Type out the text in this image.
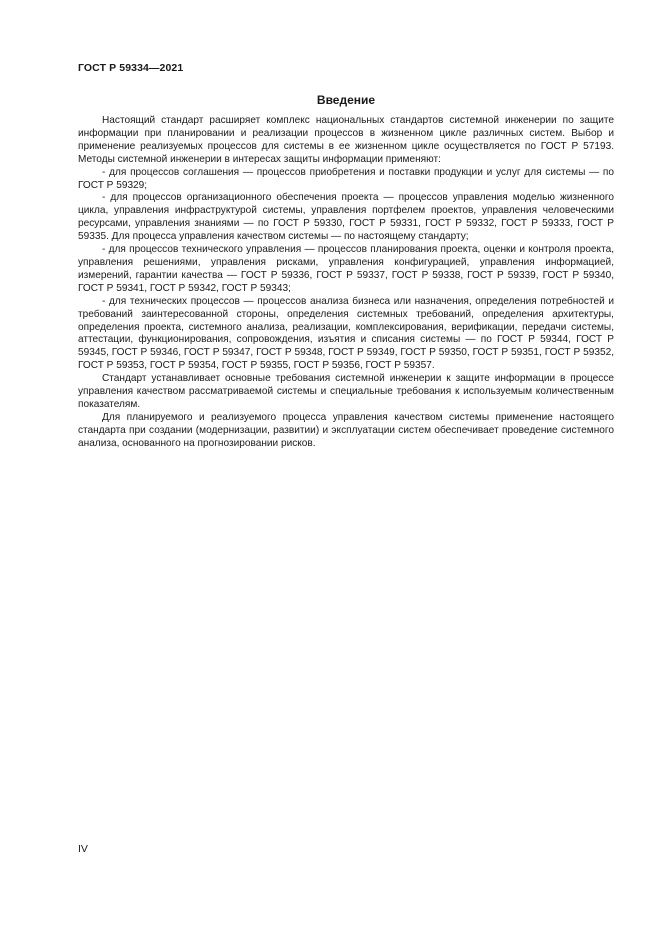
ГОСТ Р 59334—2021
Введение

Настоящий стандарт расширяет комплекс национальных стандартов системной инженерии по защите информации при планировании и реализации процессов в жизненном цикле различных систем. Выбор и применение реализуемых процессов для системы в ее жизненном цикле осуществляется по ГОСТ Р 57193. Методы системной инженерии в интересах защиты информации применяют:

- для процессов соглашения — процессов приобретения и поставки продукции и услуг для системы — по ГОСТ Р 59329;

- для процессов организационного обеспечения проекта — процессов управления моделью жизненного цикла, управления инфраструктурой системы, управления портфелем проектов, управления человеческими ресурсами, управления знаниями — по ГОСТ Р 59330, ГОСТ Р 59331, ГОСТ Р 59332, ГОСТ Р 59333, ГОСТ Р 59335. Для процесса управления качеством системы — по настоящему стандарту;

- для процессов технического управления — процессов планирования проекта, оценки и контроля проекта, управления решениями, управления рисками, управления конфигурацией, управления информацией, измерений, гарантии качества — ГОСТ Р 59336, ГОСТ Р 59337, ГОСТ Р 59338, ГОСТ Р 59339, ГОСТ Р 59340, ГОСТ Р 59341, ГОСТ Р 59342, ГОСТ Р 59343;

- для технических процессов — процессов анализа бизнеса или назначения, определения потребностей и требований заинтересованной стороны, определения системных требований, определения архитектуры, определения проекта, системного анализа, реализации, комплексирования, верификации, передачи системы, аттестации, функционирования, сопровождения, изъятия и списания системы — по ГОСТ Р 59344, ГОСТ Р 59345, ГОСТ Р 59346, ГОСТ Р 59347, ГОСТ Р 59348, ГОСТ Р 59349, ГОСТ Р 59350, ГОСТ Р 59351, ГОСТ Р 59352, ГОСТ Р 59353, ГОСТ Р 59354, ГОСТ Р 59355, ГОСТ Р 59356, ГОСТ Р 59357.

Стандарт устанавливает основные требования системной инженерии к защите информации в процессе управления качеством рассматриваемой системы и специальные требования к используемым количественным показателям.

Для планируемого и реализуемого процесса управления качеством системы применение настоящего стандарта при создании (модернизации, развитии) и эксплуатации систем обеспечивает проведение системного анализа, основанного на прогнозировании рисков.

IV
